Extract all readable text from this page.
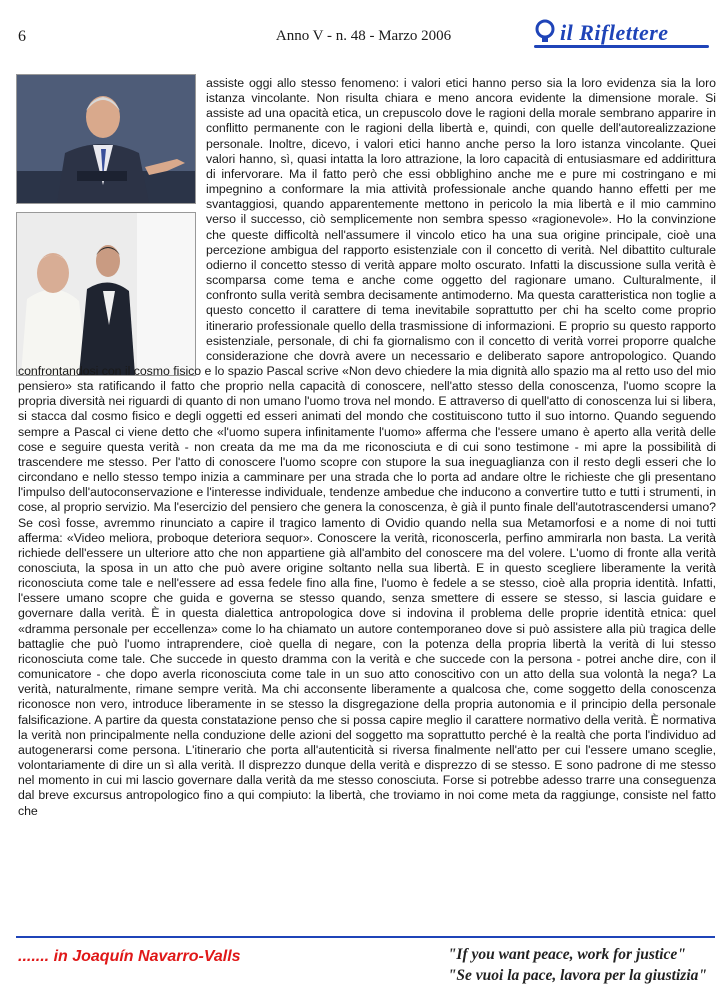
6	Anno V - n. 48 - Marzo 2006	il Riflettere

assiste oggi allo stesso fenomeno: i valori etici hanno perso sia la loro evidenza sia la loro istanza vincolante. Non risulta chiara e meno ancora evidente la dimensione morale. Si assiste ad una opacità etica, un crepuscolo dove le ragioni della morale sembrano apparire in conflitto permanente con le ragioni della libertà e, quindi, con quelle dell'autorealizzazione personale. Inoltre, dicevo, i valori etici hanno anche perso la loro istanza vincolante. Quei valori hanno, sì, quasi intatta la loro attrazione, la loro capacità di entusiasmare ed addirittura di infervorare. Ma il fatto però che essi obblighino anche me e pure mi costringano e mi impegnino a conformare la mia attività professionale anche quando hanno effetti per me svantaggiosi, quando apparentemente mettono in pericolo la mia libertà e il mio cammino verso il successo, ciò semplicemente non sembra spesso «ragionevole». Ho la convinzione che queste difficoltà nell'assumere il vincolo etico ha una sua origine principale, cioè una percezione ambigua del rapporto esistenziale con il concetto di verità. Nel dibattito culturale odierno il concetto stesso di verità appare molto oscurato. Infatti la discussione sulla verità è scomparsa come tema e anche come oggetto del ragionare umano. Culturalmente, il confronto sulla verità sembra decisamente antimoderno. Ma questa caratteristica non toglie a questo concetto il carattere di tema inevitabile soprattutto per chi ha scelto come proprio itinerario professionale quello della trasmissione di informazioni. E proprio su questo rapporto esistenziale, personale, di chi fa giornalismo con il concetto di verità vorrei proporre qualche considerazione che dovrà avere un necessario e deliberato sapore antropologico. Quando confrontandosi con il cosmo fisico e lo spazio Pascal scrive «Non devo chiedere la mia dignità allo spazio ma al retto uso del mio pensiero» sta ratificando il fatto che proprio nella capacità di conoscere, nell'atto stesso della conoscenza, l'uomo scopre la propria diversità nei riguardi di quanto di non umano l'uomo trova nel mondo. E attraverso di quell'atto di conoscenza lui si libera, si stacca dal cosmo fisico e degli oggetti ed esseri animati del mondo che costituiscono tutto il suo intorno. Quando seguendo sempre a Pascal ci viene detto che «l'uomo supera infinitamente l'uomo» afferma che l'essere umano è aperto alla verità delle cose e seguire questa verità - non creata da me ma da me riconosciuta e di cui sono testimone - mi apre la possibilità di trascendere me stesso. Per l'atto di conoscere l'uomo scopre con stupore la sua ineguaglianza con il resto degli esseri che lo circondano e nello stesso tempo inizia a camminare per una strada che lo porta ad andare oltre le richieste che gli presentano l'impulso dell'autoconservazione e l'interesse individuale, tendenze ambedue che inducono a convertire tutto e tutti i strumenti, in cose, al proprio servizio. Ma l'esercizio del pensiero che genera la conoscenza, è già il punto finale dell'autotrascendersi umano? Se così fosse, avremmo rinunciato a capire il tragico lamento di Ovidio quando nella sua Metamorfosi e a nome di noi tutti afferma: «Video meliora, proboque deteriora sequor». Conoscere la verità, riconoscerla, perfino ammirarla non basta. La verità richiede dell'essere un ulteriore atto che non appartiene già all'ambito del conoscere ma del volere. L'uomo di fronte alla verità conosciuta, la sposa in un atto che può avere origine soltanto nella sua libertà. E in questo scegliere liberamente la verità riconosciuta come tale e nell'essere ad essa fedele fino alla fine, l'uomo è fedele a se stesso, cioè alla propria identità. Infatti, l'essere umano scopre che guida e governa se stesso quando, senza smettere di essere se stesso, si lascia guidare e governare dalla verità. È in questa dialettica antropologica dove si indovina il problema delle proprie identità etnica: quel «dramma personale per eccellenza» come lo ha chiamato un autore contemporaneo dove si può assistere alla più tragica delle battaglie che può l'uomo intraprendere, cioè quella di negare, con la potenza della propria libertà la verità di lui stesso riconosciuta come tale. Che succede in questo dramma con la verità e che succede con la persona - potrei anche dire, con il comunicatore - che dopo averla riconosciuta come tale in un suo atto conoscitivo con un atto della sua volontà la nega? La verità, naturalmente, rimane sempre verità. Ma chi acconsente liberamente a qualcosa che, come soggetto della conoscenza riconosce non vero, introduce liberamente in se stesso la disgregazione della propria autonomia e il principio della personale falsificazione. A partire da questa constatazione penso che si possa capire meglio il carattere normativo della verità. È normativa la verità non principalmente nella conduzione delle azioni del soggetto ma soprattutto perché è la realtà che porta l'individuo ad autogenerarsi come persona. L'itinerario che porta all'autenticità si riversa finalmente nell'atto per cui l'essere umano sceglie, volontariamente di dire un sì alla verità. Il disprezzo dunque della verità e disprezzo di se stesso. E sono padrone di me stesso nel momento in cui mi lascio governare dalla verità da me stesso conosciuta. Forse si potrebbe adesso trarre una conseguenza dal breve excursus antropologico fino a qui compiuto: la libertà, che troviamo in noi come meta da raggiunge, consiste nel fatto che

....... in Joaquín Navarro-Valls	"If you want peace, work for justice"
"Se vuoi la pace, lavora per la giustizia"
